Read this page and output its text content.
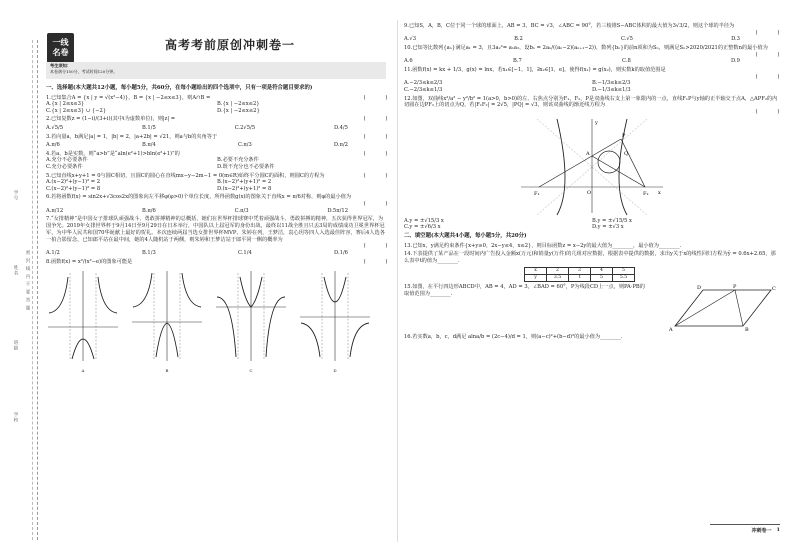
学号
姓名
班级
学校
密 封 线 内 不 要 答 题
一线
名卷
高考考前原创冲刺卷一
考生须知：
本卷满分150分，考试时间120分钟。
一、选择题(本大题共12小题，每小题5分，共60分，在每小题给出的四个选项中，只有一项是符合题目要求的)
1.已知集合A = {x | y = √(x²−4)}，B = {x | −2≤x≤3}，则A∩B =	(      )
A.{x | 2≤x≤3}	B.{x | −2≤x≤2}
C.{x | 2≤x≤3} ∪ {−2}	D.{x | −2≤x≤2}
2.已知复数z = (1−i)/(3+i)(其中i为虚数单位)，则|z| =	(      )
A.√5/5	B.1/5	C.2√5/5	D.4/5
3.若向量a，b满足|a| = 1，|b| = 2，|a+2b| = √21，则a与b的夹角等于	(      )
A.π/6	B.π/4	C.π/3	D.π/2
4.若a，b是实数，则“a>b”是“aln(e²+1)>bln(e²+1)”的	(      )
A.充分不必要条件	B.必要不充分条件
C.充分必要条件	D.既不充分也不必要条件
5.已知直线x+y+1 = 0与圆C相切，且圆C的圆心在直线mx−y−2m−1 = 0(m∈R)始终平分圆C的面积，则圆C的方程为	(      )
A.(x−2)²+(y−1)² = 2	B.(x−2)²+(y+1)² = 2
C.(x−2)²+(y−1)² = 8	D.(x−2)²+(y+1)² = 8
6.若将函数f(x) = sin2x+√3cos2x的图象向左平移φ(φ>0)个单位长度，所得函数g(x)的图象关于直线x = π/6对称，则φ的最小值为
(      )
A.π/12	B.π/6	C.π/3	D.5π/12
7.“女排精神”是中国女子排球队顽强战斗、勇敢拼搏精神的总概括，她们在世界杯排球赛中凭着顽强战斗、勇敢拼搏的精神，五次获得世界冠军，为国争光。2019年女排世界杯于9月14日至9月29日在日本举行，中国队以上届冠军的身份出战，最终以11战全胜且只丢3局的成绩成功卫冕世界杯冠军，为中华人民共和国70华诞献上最好的贺礼。本次连续两届当选女排世界杯MVP、朱婷在列，王梦洁，袁心玥等四人入选最佳阵容，赛后4人选各一拍合影留念，已知郎平站在最中间，她的4人随机站于两侧，则朱婷和王梦洁站于郎平同一侧的概率为
(      )
A.1/2	B.1/3	C.1/4	D.1/6
8.函数f(x) = x²/(x²−e)的图象可能是	(      )
A	B	C	D
9.已知S，A，B，C位于同一个球的球面上，AB = 3，BC = √3，∠ABC = 90°，若三棱锥S−ABC体积的最大值为3√3/2，则这个球的半径为
(      )
A.√3	B.2	C.√5	D.3
10.已知等比数列{aₙ}满足a₁ = 3，且3a₂²= a₁a₃，设bₙ = 2aₙ/((aₙ−2)(aₙ₊₁−2))，数列{bₙ}的前n项和为Sₙ，则满足Sₙ>2020/2021的正整数n的最小值为
(      )
A.6	B.7	C.8	D.9
11.函数f(x) = kx + 1/3，g(x) = lnx，若x₁∈[−1，1]，∃x₂∈[1，e]，使得f(x₁) = g(x₂)，则实数k的取值范围是
(      )
A.−2/3≤k≤2/3	B.−1/3≤k≤2/3
C.−2/3≤k≤1/3	D.−1/3≤k≤1/3
12.如图，双曲线x²/a² − y²/b² = 1(a>0，b>0)的左、右焦点分别为F₁，F₂，P是双曲线右支上第一象限内的一点，直线F₁P与y轴的正半轴交于点A，△APF₂的内切圆在边PF₂上的切点为Q，若|F₁F₂| = 2√5，|PQ| = √3，则该双曲线的渐近线方程为
(      )
y
x
O
A
P
Q
F₁	F₂
A.y = ±√15/3 x	B.y = ±√15/5 x
C.y = ±√6/3 x	D.y = ±√3 x
二、填空题(本大题共4小题，每小题5分，共20分)
13.已知x，y满足约束条件{x+y≥0，2x−y≤4，x≤2}，则目标函数z = x−2y的最大值为________，最小值为________.
14.下表提供了某产品在一段时间内广告投入金额x(万元)和销量y(万件)的几组对应数据，根据表中提供的数据，求出y关于x的线性回归方程为ŷ = 0.6x+2.65，那么表中t的值为________.
x	2	3	4	5
y	3.5	t	5	5.5
15.如图，在平行四边形ABCD中，AB = 4，AD = 3，∠BAD = 60°，P为线段CD上一点，则PA·PB的取值范围为________.
A	B
C
D	P
16.若实数a，b，c，d满足 alna/b = (2c−4)/d = 1，则(a−c)²+(b−d)²的最小值为________.
冲刺卷一 1
